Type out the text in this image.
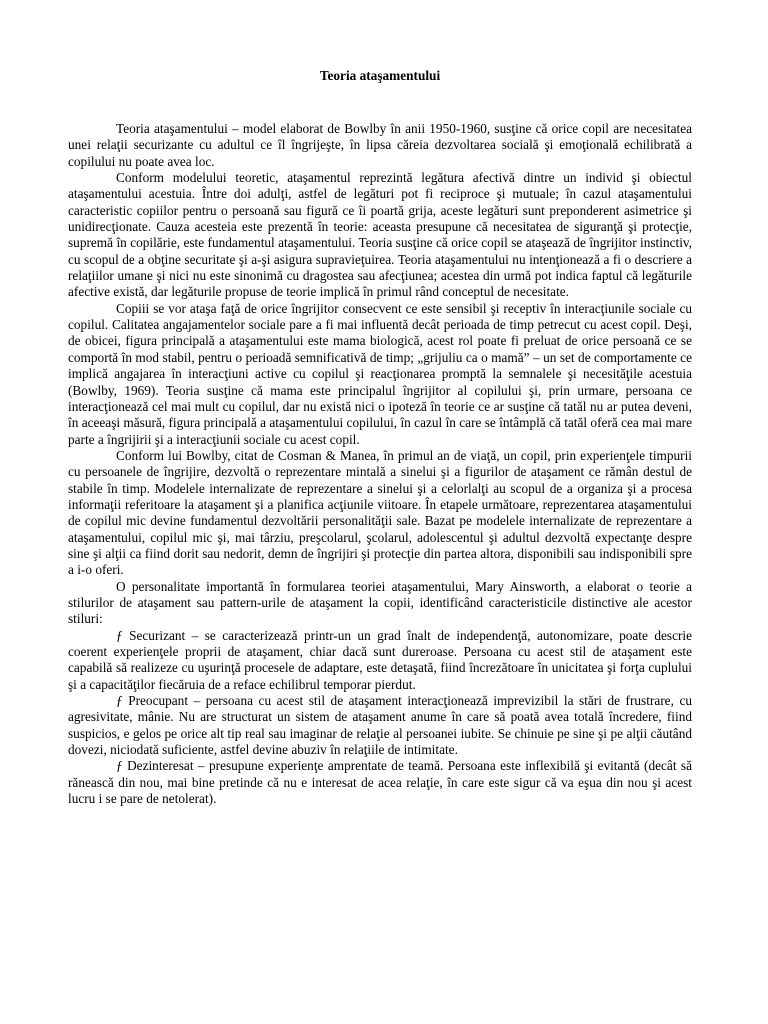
Teoria ataşamentului

Teoria ataşamentului – model elaborat de Bowlby în anii 1950-1960, susţine că orice copil are necesitatea unei relaţii securizante cu adultul ce îl îngrijeşte, în lipsa căreia dezvoltarea socială şi emoţională echilibrată a copilului nu poate avea loc.

Conform modelului teoretic, ataşamentul reprezintă legătura afectivă dintre un individ şi obiectul ataşamentului acestuia. Între doi adulţi, astfel de legături pot fi reciproce şi mutuale; în cazul ataşamentului caracteristic copiilor pentru o persoană sau figură ce îi poartă grija, aceste legături sunt preponderent asimetrice şi unidirecţionate. Cauza acesteia este prezentă în teorie: aceasta presupune că necesitatea de siguranţă şi protecţie, supremă în copilărie, este fundamentul ataşamentului. Teoria susţine că orice copil se ataşează de îngrijitor instinctiv, cu scopul de a obţine securitate şi a-şi asigura supravieţuirea. Teoria ataşamentului nu intenţionează a fi o descriere a relaţiilor umane şi nici nu este sinonimă cu dragostea sau afecţiunea; acestea din urmă pot indica faptul că legăturile afective există, dar legăturile propuse de teorie implică în primul rând conceptul de necesitate.

Copiii se vor ataşa faţă de orice îngrijitor consecvent ce este sensibil şi receptiv în interacţiunile sociale cu copilul. Calitatea angajamentelor sociale pare a fi mai influentă decât perioada de timp petrecut cu acest copil. Deşi, de obicei, figura principală a ataşamentului este mama biologică, acest rol poate fi preluat de orice persoană ce se comportă în mod stabil, pentru o perioadă semnificativă de timp; „grijuliu ca o mamă” – un set de comportamente ce implică angajarea în interacţiuni active cu copilul şi reacţionarea promptă la semnalele şi necesităţile acestuia (Bowlby, 1969). Teoria susţine că mama este principalul îngrijitor al copilului şi, prin urmare, persoana ce interacţionează cel mai mult cu copilul, dar nu există nici o ipoteză în teorie ce ar susţine că tatăl nu ar putea deveni, în aceeaşi măsură, figura principală a ataşamentului copilului, în cazul în care se întâmplă că tatăl oferă cea mai mare parte a îngrijirii şi a interacţiunii sociale cu acest copil.

Conform lui Bowlby, citat de Cosman & Manea, în primul an de viaţă, un copil, prin experienţele timpurii cu persoanele de îngrijire, dezvoltă o reprezentare mintală a sinelui şi a figurilor de ataşament ce rămân destul de stabile în timp. Modelele internalizate de reprezentare a sinelui şi a celorlalţi au scopul de a organiza şi a procesa informaţii referitoare la ataşament şi a planifica acţiunile viitoare. În etapele următoare, reprezentarea ataşamentului de copilul mic devine fundamentul dezvoltării personalităţii sale. Bazat pe modelele internalizate de reprezentare a ataşamentului, copilul mic şi, mai târziu, preşcolarul, şcolarul, adolescentul şi adultul dezvoltă expectanţe despre sine şi alţii ca fiind dorit sau nedorit, demn de îngrijiri şi protecţie din partea altora, disponibili sau indisponibili spre a i-o oferi.

O personalitate importantă în formularea teoriei ataşamentului, Mary Ainsworth, a elaborat o teorie a stilurilor de ataşament sau pattern-urile de ataşament la copii, identificând caracteristicile distinctive ale acestor stiluri:

ƒ Securizant – se caracterizează printr-un un grad înalt de independenţă, autonomizare, poate descrie coerent experienţele proprii de ataşament, chiar dacă sunt dureroase. Persoana cu acest stil de ataşament este capabilă să realizeze cu uşurinţă procesele de adaptare, este detaşată, fiind încrezătoare în unicitatea şi forţa cuplului şi a capacităţilor fiecăruia de a reface echilibrul temporar pierdut.

ƒ Preocupant – persoana cu acest stil de ataşament interacţionează imprevizibil la stări de frustrare, cu agresivitate, mânie. Nu are structurat un sistem de ataşament anume în care să poată avea totală încredere, fiind suspicios, e gelos pe orice alt tip real sau imaginar de relaţie al persoanei iubite. Se chinuie pe sine şi pe alţii căutând dovezi, niciodată suficiente, astfel devine abuziv în relaţiile de intimitate.

ƒ Dezinteresat – presupune experienţe amprentate de teamă. Persoana este inflexibilă şi evitantă (decât să rănească din nou, mai bine pretinde că nu e interesat de acea relaţie, în care este sigur că va eşua din nou şi acest lucru i se pare de netolerat).
